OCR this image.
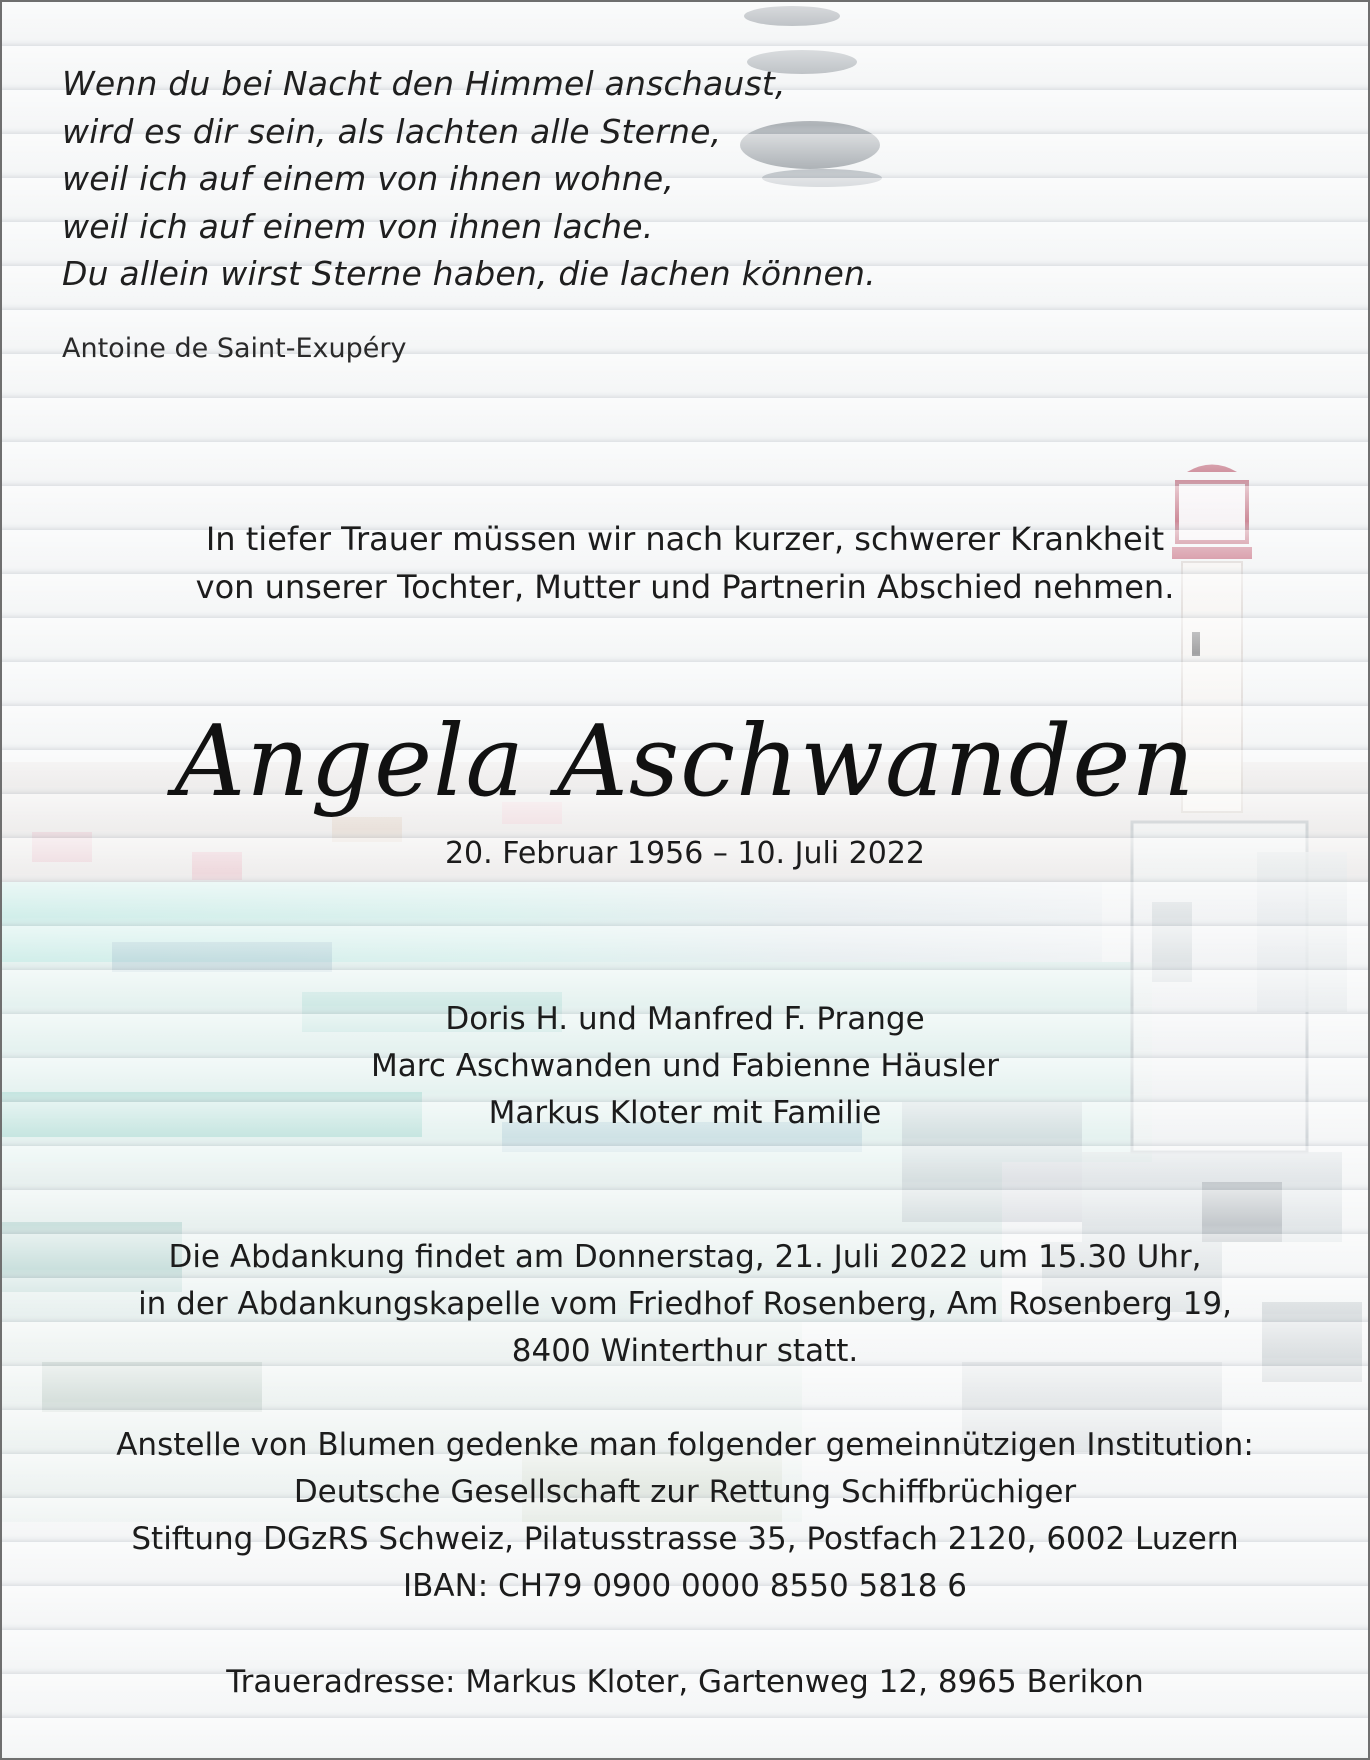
Wenn du bei Nacht den Himmel anschaust,
wird es dir sein, als lachten alle Sterne,
weil ich auf einem von ihnen wohne,
weil ich auf einem von ihnen lache.
Du allein wirst Sterne haben, die lachen können.
Antoine de Saint-Exupéry
In tiefer Trauer müssen wir nach kurzer, schwerer Krankheit
von unserer Tochter, Mutter und Partnerin Abschied nehmen.
Angela Aschwanden
20. Februar 1956 – 10. Juli 2022
Doris H. und Manfred F. Prange
Marc Aschwanden und Fabienne Häusler
Markus Kloter mit Familie
Die Abdankung findet am Donnerstag, 21. Juli 2022 um 15.30 Uhr,
in der Abdankungskapelle vom Friedhof Rosenberg, Am Rosenberg 19,
8400 Winterthur statt.
Anstelle von Blumen gedenke man folgender gemeinnützigen Institution:
Deutsche Gesellschaft zur Rettung Schiffbrüchiger
Stiftung DGzRS Schweiz, Pilatusstrasse 35, Postfach 2120, 6002 Luzern
IBAN: CH79 0900 0000 8550 5818 6
Traueradresse: Markus Kloter, Gartenweg 12, 8965 Berikon
